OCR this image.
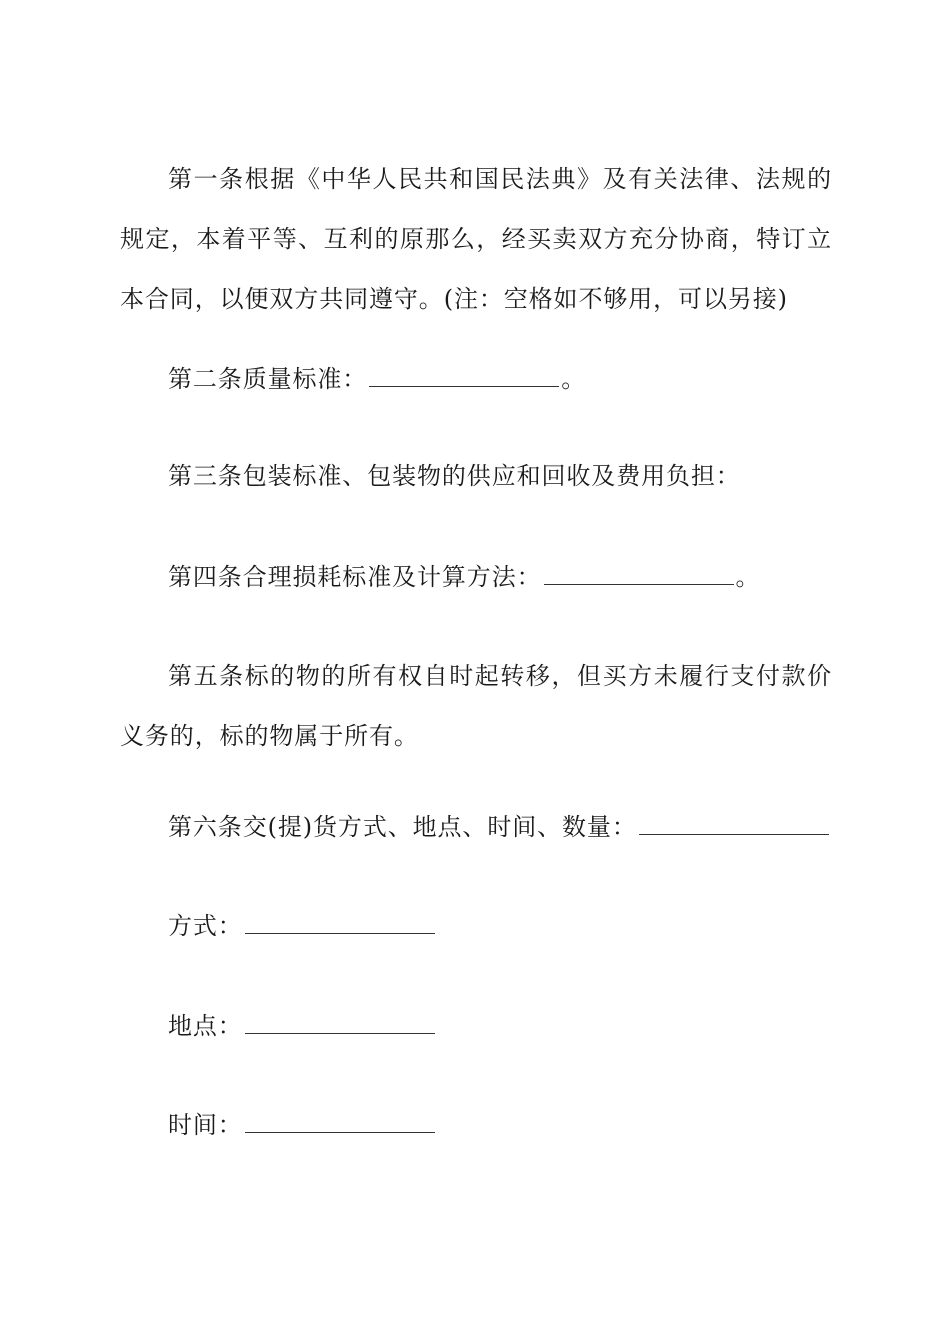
第一条根据《中华人民共和国民法典》及有关法律、法规的规定，本着平等、互利的原那么，经买卖双方充分协商，特订立本合同，以便双方共同遵守。(注：空格如不够用，可以另接)

第二条质量标准：	。

第三条包装标准、包装物的供应和回收及费用负担：

第四条合理损耗标准及计算方法：	。

第五条标的物的所有权自时起转移，但买方未履行支付款价义务的，标的物属于所有。

第六条交(提)货方式、地点、时间、数量：

方式：

地点：

时间：
